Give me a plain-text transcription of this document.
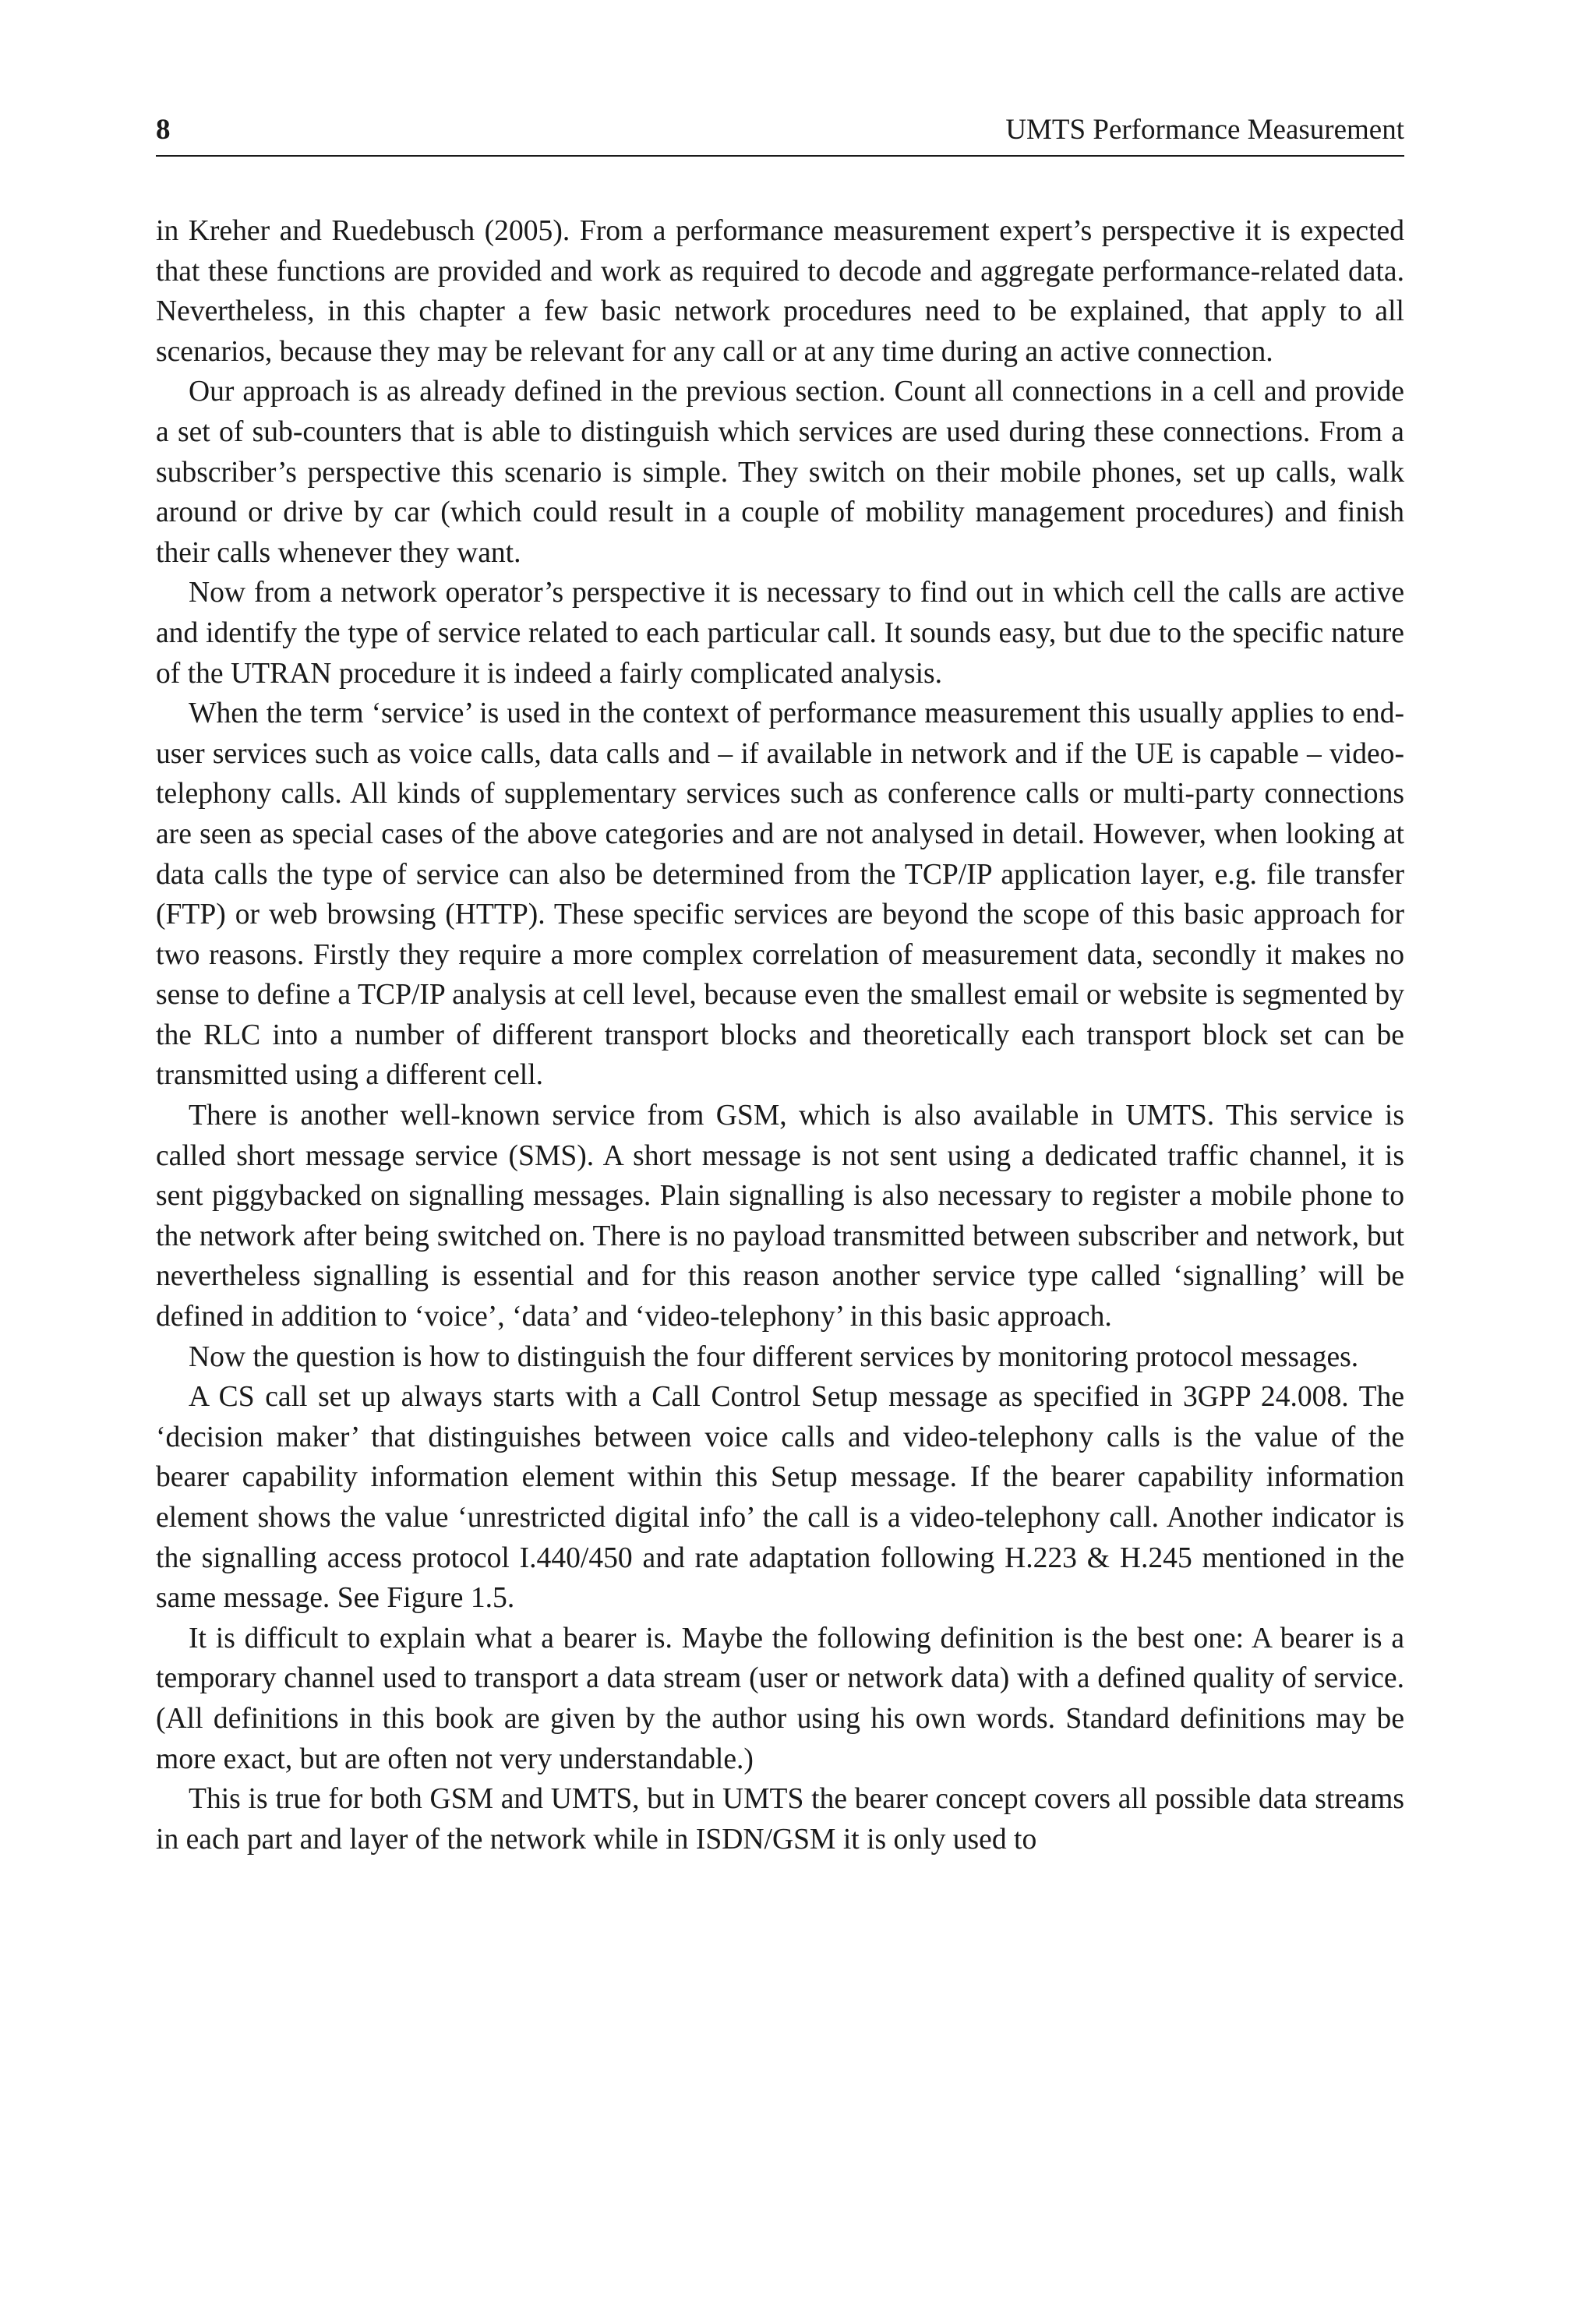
8	UMTS Performance Measurement

in Kreher and Ruedebusch (2005). From a performance measurement expert’s perspective it is expected that these functions are provided and work as required to decode and aggregate performance-related data. Nevertheless, in this chapter a few basic network procedures need to be explained, that apply to all scenarios, because they may be relevant for any call or at any time during an active connection.

Our approach is as already defined in the previous section. Count all connections in a cell and provide a set of sub-counters that is able to distinguish which services are used during these connections. From a subscriber’s perspective this scenario is simple. They switch on their mobile phones, set up calls, walk around or drive by car (which could result in a couple of mobility management procedures) and finish their calls whenever they want.

Now from a network operator’s perspective it is necessary to find out in which cell the calls are active and identify the type of service related to each particular call. It sounds easy, but due to the specific nature of the UTRAN procedure it is indeed a fairly complicated analysis.

When the term ‘service’ is used in the context of performance measurement this usually applies to end-user services such as voice calls, data calls and – if available in network and if the UE is capable – video-telephony calls. All kinds of supplementary services such as conference calls or multi-party connections are seen as special cases of the above categories and are not analysed in detail. However, when looking at data calls the type of service can also be determined from the TCP/IP application layer, e.g. file transfer (FTP) or web browsing (HTTP). These specific services are beyond the scope of this basic approach for two reasons. Firstly they require a more complex correlation of measurement data, secondly it makes no sense to define a TCP/IP analysis at cell level, because even the smallest email or website is segmented by the RLC into a number of different transport blocks and theoretically each transport block set can be transmitted using a different cell.

There is another well-known service from GSM, which is also available in UMTS. This service is called short message service (SMS). A short message is not sent using a dedicated traffic channel, it is sent piggybacked on signalling messages. Plain signalling is also necessary to register a mobile phone to the network after being switched on. There is no payload transmitted between subscriber and network, but nevertheless signalling is essential and for this reason another service type called ‘signalling’ will be defined in addition to ‘voice’, ‘data’ and ‘video-telephony’ in this basic approach.

Now the question is how to distinguish the four different services by monitoring protocol messages.

A CS call set up always starts with a Call Control Setup message as specified in 3GPP 24.008. The ‘decision maker’ that distinguishes between voice calls and video-telephony calls is the value of the bearer capability information element within this Setup message. If the bearer capability information element shows the value ‘unrestricted digital info’ the call is a video-telephony call. Another indicator is the signalling access protocol I.440/450 and rate adaptation following H.223 & H.245 mentioned in the same message. See Figure 1.5.

It is difficult to explain what a bearer is. Maybe the following definition is the best one: A bearer is a temporary channel used to transport a data stream (user or network data) with a defined quality of service. (All definitions in this book are given by the author using his own words. Standard definitions may be more exact, but are often not very understandable.)

This is true for both GSM and UMTS, but in UMTS the bearer concept covers all possible data streams in each part and layer of the network while in ISDN/GSM it is only used to
